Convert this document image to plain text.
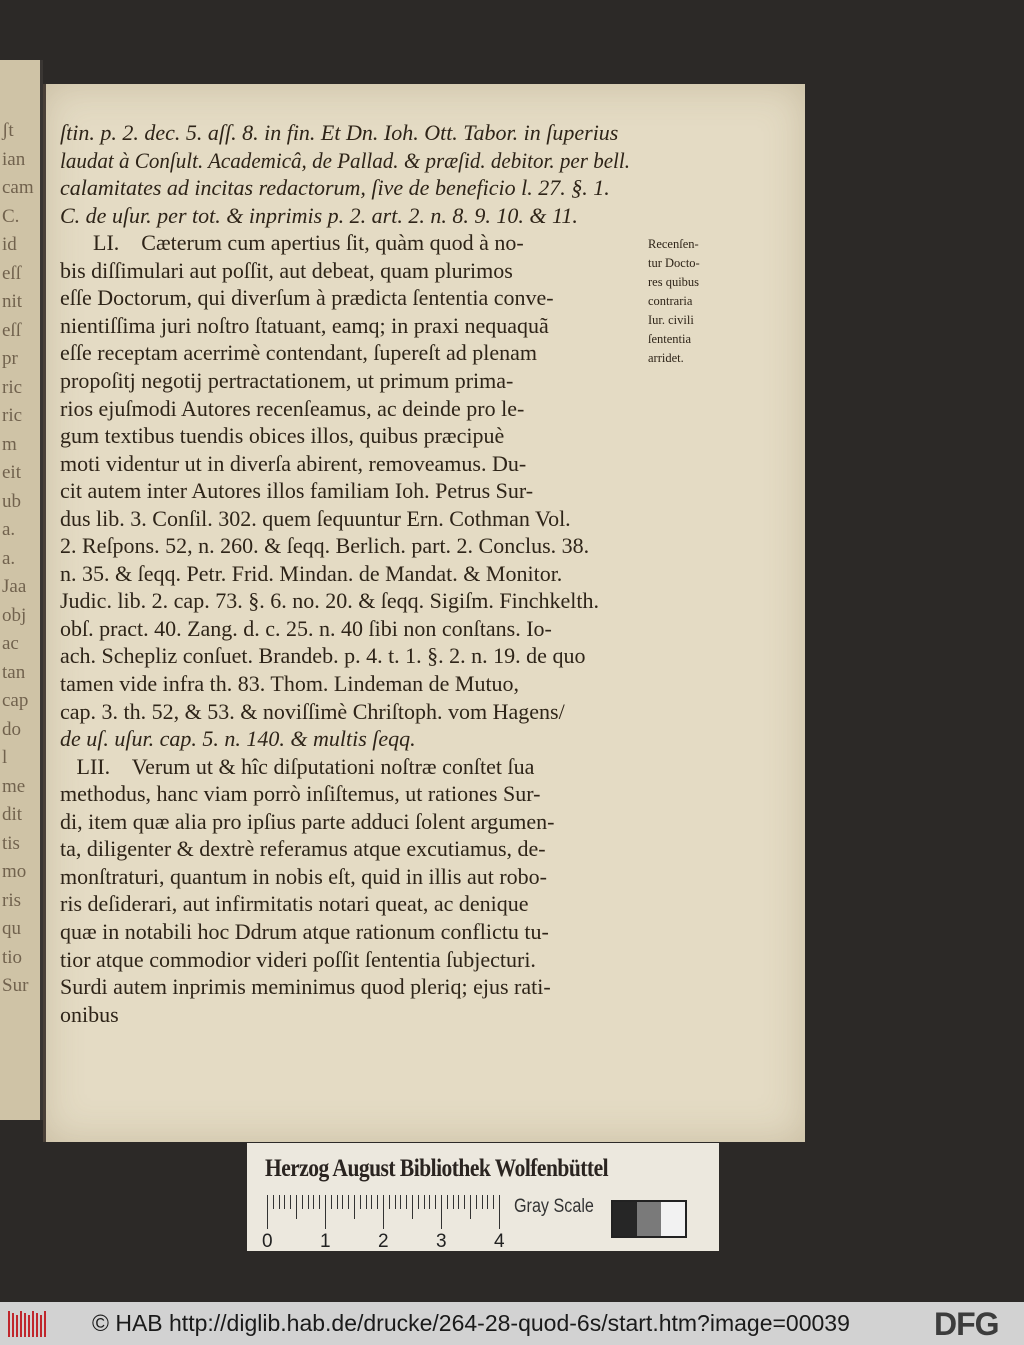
ʃt
ian
cam
C.
id
eſſ
nit
eſſ
pr
ric
ric
m
eit
ub
a.
a.
Jaa
obj
ac
tan
cap
do
l
me
dit
tis
mo
ris
qu
tio
Sur
ſtin. p. 2. dec. 5. aſſ. 8. in fin. Et Dn. Ioh. Ott. Tabor. in ſuperius
laudat à Conſult. Academicâ, de Pallad. & præſid. debitor. per bell.
calamitates ad incitas redactorum, ſive de beneficio l. 27. §. 1.
C. de uſur. per tot. & inprimis p. 2. art. 2. n. 8. 9. 10. & 11.
LI.    Cæterum cum apertius ſit, quàm quod à no-
bis diſſimulari aut poſſit, aut debeat, quam plurimos
eſſe Doctorum, qui diverſum à prædicta ſententia conve-
nientiſſima juri noſtro ſtatuant, eamq; in praxi nequaquã
eſſe receptam acerrimè contendant, ſupereſt ad plenam
propoſitj negotij pertractationem, ut primum prima-
rios ejuſmodi Autores recenſeamus, ac deinde pro le-
gum textibus tuendis obices illos, quibus præcipuè
moti videntur ut in diverſa abirent, removeamus. Du-
cit autem inter Autores illos familiam Ioh. Petrus Sur-
dus lib. 3. Conſil. 302. quem ſequuntur Ern. Cothman Vol.
2. Reſpons. 52, n. 260. & ſeqq. Berlich. part. 2. Conclus. 38.
n. 35. & ſeqq. Petr. Frid. Mindan. de Mandat. & Monitor.
Judic. lib. 2. cap. 73. §. 6. no. 20. & ſeqq. Sigiſm. Finchkelth.
obſ. pract. 40. Zang. d. c. 25. n. 40 ſibi non conſtans. Io-
ach. Schepliz conſuet. Brandeb. p. 4. t. 1. §. 2. n. 19. de quo
tamen vide infra th. 83. Thom. Lindeman de Mutuo,
cap. 3. th. 52, & 53. & noviſſimè Chriſtoph. vom Hagens/
de uſ. uſur. cap. 5. n. 140. & multis ſeqq.
LII.    Verum ut & hîc diſputationi noſtræ conſtet ſua
methodus, hanc viam porrò inſiſtemus, ut rationes Sur-
di, item quæ alia pro ipſius parte adduci ſolent argumen-
ta, diligenter & dextrè referamus atque excutiamus, de-
monſtraturi, quantum in nobis eſt, quid in illis aut robo-
ris deſiderari, aut infirmitatis notari queat, ac denique
quæ in notabili hoc Ddrum atque rationum conflictu tu-
tior atque commodior videri poſſit ſententia ſubjecturi.
Surdi autem inprimis meminimus quod pleriq; ejus rati-
onibus
Recenſen-
tur Docto-
res quibus
contraria
Iur. civili
ſententia
arridet.
Herzog August Bibliothek Wolfenbüttel
0 1 2 3 4
Gray Scale
© HAB http://diglib.hab.de/drucke/264-28-quod-6s/start.htm?image=00039	DFG
